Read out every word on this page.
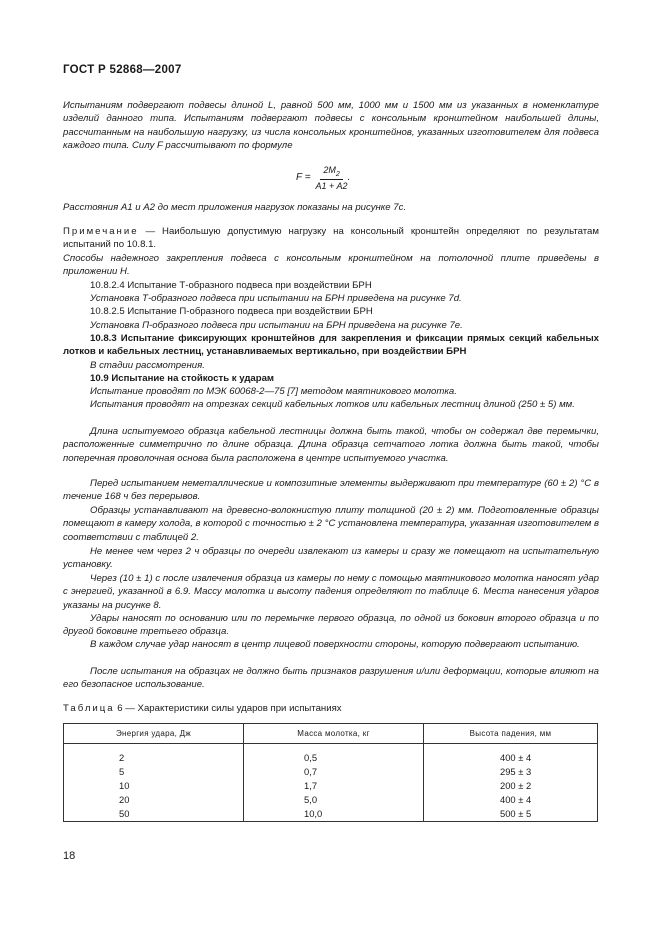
ГОСТ Р 52868—2007

Испытаниям подвергают подвесы длиной L, равной 500 мм, 1000 мм и 1500 мм из указанных в номенклатуре изделий данного типа. Испытаниям подвергают подвесы с консольным кронштейном наибольшей длины, рассчитанным на наибольшую нагрузку, из числа консольных кронштейнов, указанных изготовителем для подвеса каждого типа. Силу F рассчитывают по формуле

$F = \frac{2M_2}{A1 + A2}$ .

Расстояния А1 и А2 до мест приложения нагрузок показаны на рисунке 7c.

Примечание — Наибольшую допустимую нагрузку на консольный кронштейн определяют по результатам испытаний по 10.8.1.

Способы надежного закрепления подвеса с консольным кронштейном на потолочной плите приведены в приложении Н.

10.8.2.4 Испытание Т-образного подвеса при воздействии БРН

Установка Т-образного подвеса при испытании на БРН приведена на рисунке 7d.

10.8.2.5 Испытание П-образного подвеса при воздействии БРН

Установка П-образного подвеса при испытании на БРН приведена на рисунке 7e.

10.8.3 Испытание фиксирующих кронштейнов для закрепления и фиксации прямых секций кабельных лотков и кабельных лестниц, устанавливаемых вертикально, при воздействии БРН

В стадии рассмотрения.

10.9 Испытание на стойкость к ударам

Испытание проводят по МЭК 60068-2—75 [7] методом маятникового молотка.

Испытания проводят на отрезках секций кабельных лотков или кабельных лестниц длиной (250 ± 5) мм.

Длина испытуемого образца кабельной лестницы должна быть такой, чтобы он содержал две перемычки, расположенные симметрично по длине образца. Длина образца сетчатого лотка должна быть такой, чтобы поперечная проволочная основа была расположена в центре испытуемого участка.

Перед испытанием неметаллические и композитные элементы выдерживают при температуре (60 ± 2) °С в течение 168 ч без перерывов.

Образцы устанавливают на древесно-волокнистую плиту толщиной (20 ± 2) мм. Подготовленные образцы помещают в камеру холода, в которой с точностью ± 2 °С установлена температура, указанная изготовителем в соответствии с таблицей 2.

Не менее чем через 2 ч образцы по очереди извлекают из камеры и сразу же помещают на испытательную установку.

Через (10 ± 1) с после извлечения образца из камеры по нему с помощью маятникового молотка наносят удар с энергией, указанной в 6.9. Массу молотка и высоту падения определяют по таблице 6. Места нанесения ударов указаны на рисунке 8.

Удары наносят по основанию или по перемычке первого образца, по одной из боковин второго образца и по другой боковине третьего образца.

В каждом случае удар наносят в центр лицевой поверхности стороны, которую подвергают испытанию.

После испытания на образцах не должно быть признаков разрушения и/или деформации, которые влияют на его безопасное использование.

Таблица 6 — Характеристики силы ударов при испытаниях

Энергия удара, Дж	Масса молотка, кг	Высота падения, мм
2	0,5	400 ± 4
5	0,7	295 ± 3
10	1,7	200 ± 2
20	5,0	400 ± 4
50	10,0	500 ± 5
18
